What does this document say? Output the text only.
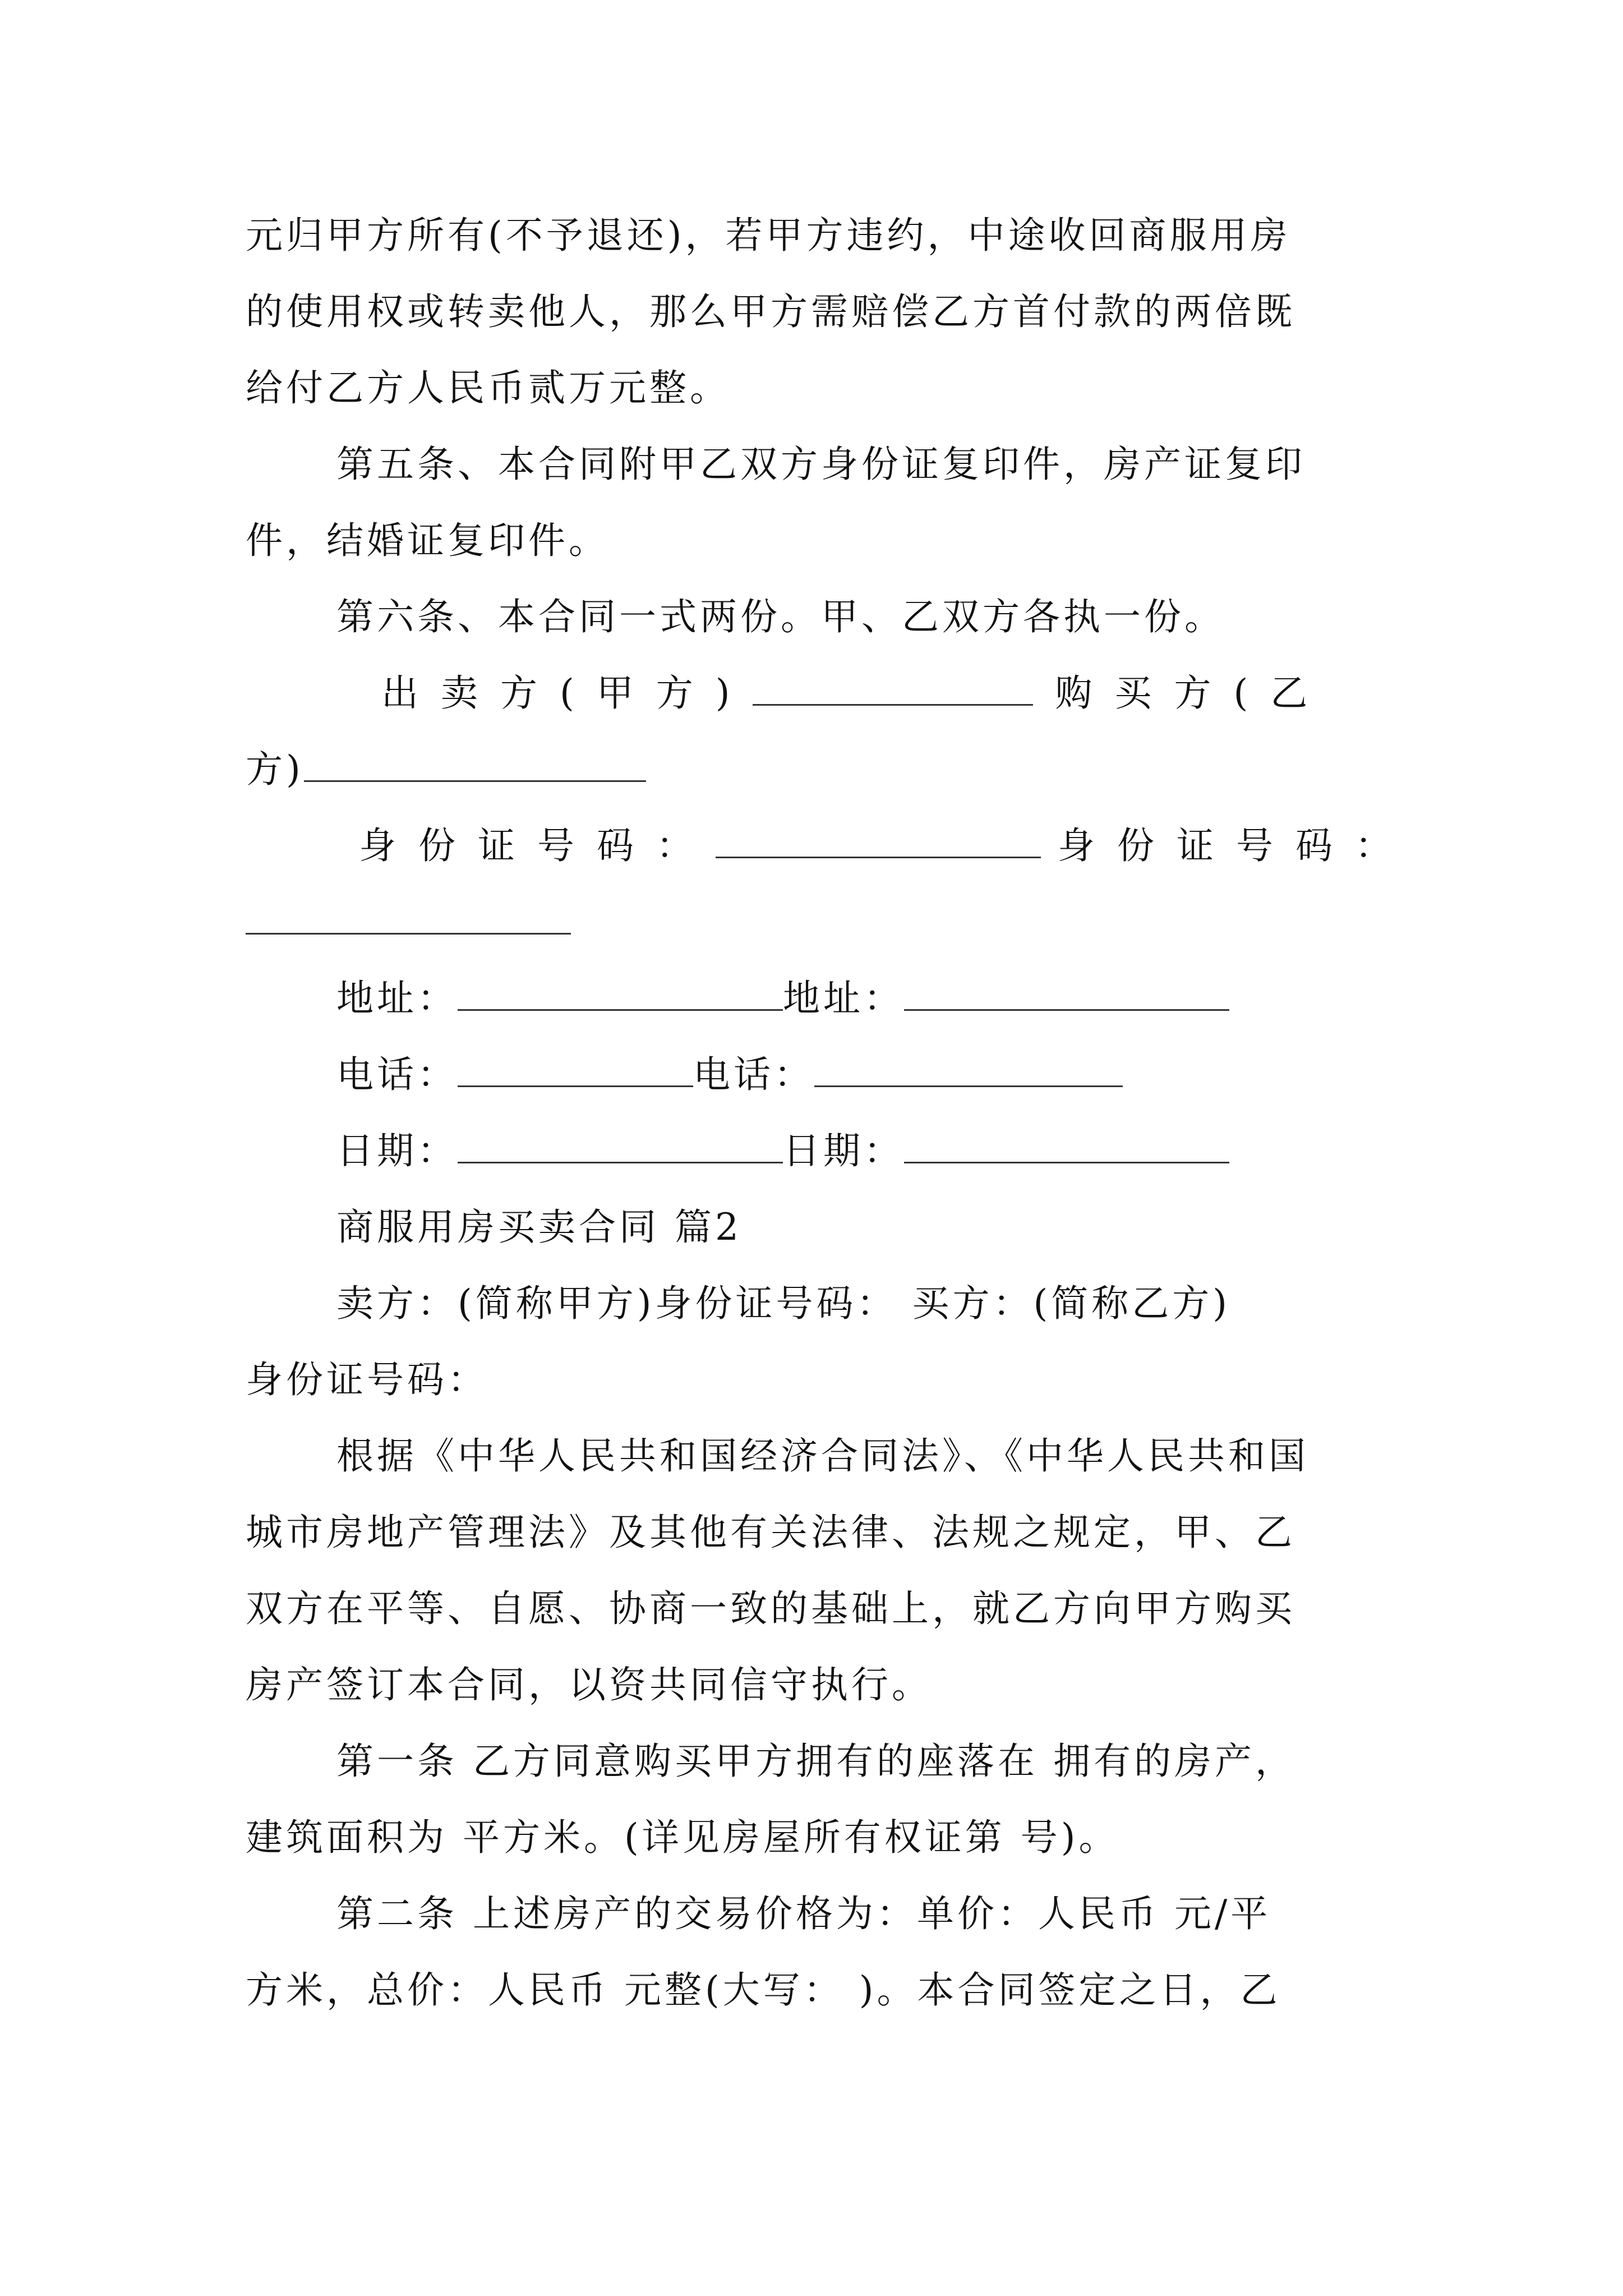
元归甲方所有(不予退还)，若甲方违约，中途收回商服用房
的使用权或转卖他人，那么甲方需赔偿乙方首付款的两倍既
给付乙方人民币贰万元整。
第五条、本合同附甲乙双方身份证复印件，房产证复印
件，结婚证复印件。
第六条、本合同一式两份。甲、乙双方各执一份。
出卖方(甲方)	购买方(乙
方)
身份证号码：	身份证号码：
地址：	地址：
电话：	电话：
日期：	日期：
商服用房买卖合同 篇2
卖方：(简称甲方)身份证号码： 买方：(简称乙方)
身份证号码：
根据《中华人民共和国经济合同法》、《中华人民共和国
城市房地产管理法》及其他有关法律、法规之规定，甲、乙
双方在平等、自愿、协商一致的基础上，就乙方向甲方购买
房产签订本合同，以资共同信守执行。
第一条 乙方同意购买甲方拥有的座落在 拥有的房产，
建筑面积为 平方米。(详见房屋所有权证第 号)。
第二条 上述房产的交易价格为：单价：人民币 元/平
方米，总价：人民币 元整(大写： )。本合同签定之日，乙
